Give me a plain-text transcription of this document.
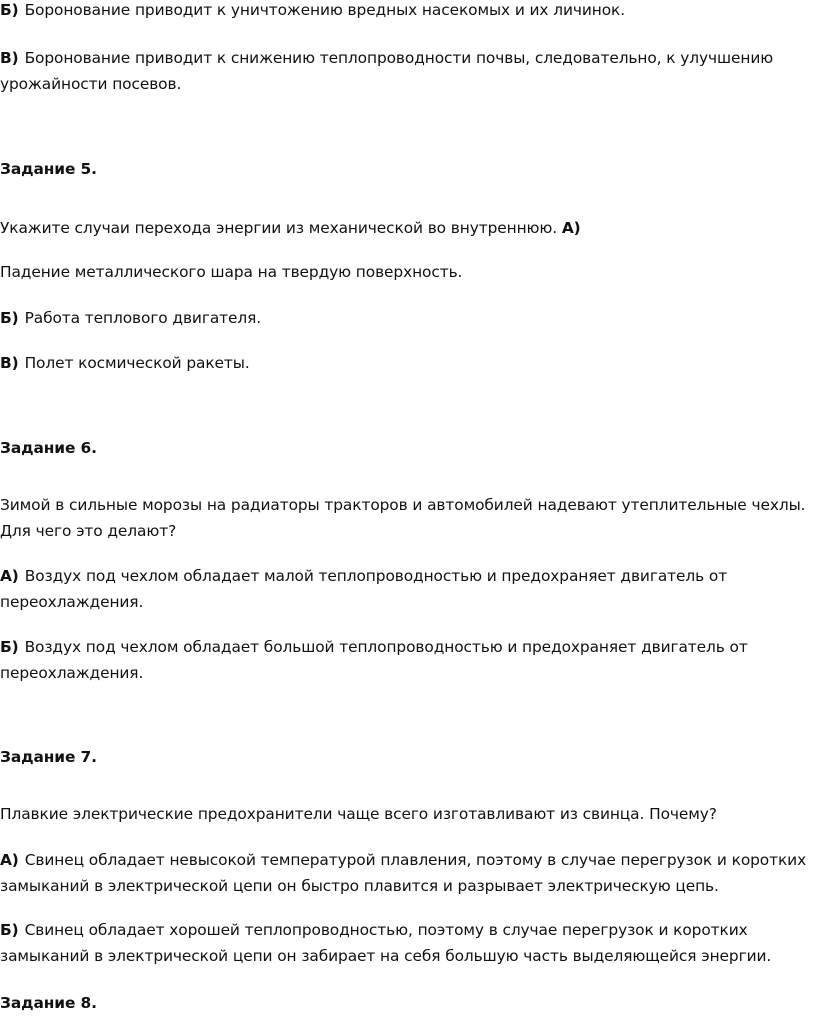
Б) Боронование приводит к уничтожению вредных насекомых и их личинок.
В) Боронование приводит к снижению теплопроводности почвы, следовательно, к улучшению
урожайности посевов.
Задание 5.
Укажите случаи перехода энергии из механической во внутреннюю. А)
Падение металлического шара на твердую поверхность.
Б) Работа теплового двигателя.
В) Полет космической ракеты.
Задание 6.
Зимой в сильные морозы на радиаторы тракторов и автомобилей надевают утеплительные чехлы.
Для чего это делают?
А) Воздух под чехлом обладает малой теплопроводностью и предохраняет двигатель от
переохлаждения.
Б) Воздух под чехлом обладает большой теплопроводностью и предохраняет двигатель от
переохлаждения.
Задание 7.
Плавкие электрические предохранители чаще всего изготавливают из свинца. Почему?
А) Свинец обладает невысокой температурой плавления, поэтому в случае перегрузок и коротких
замыканий в электрической цепи он быстро плавится и разрывает электрическую цепь.
Б) Свинец обладает хорошей теплопроводностью, поэтому в случае перегрузок и коротких
замыканий в электрической цепи он забирает на себя большую часть выделяющейся энергии.
Задание 8.
